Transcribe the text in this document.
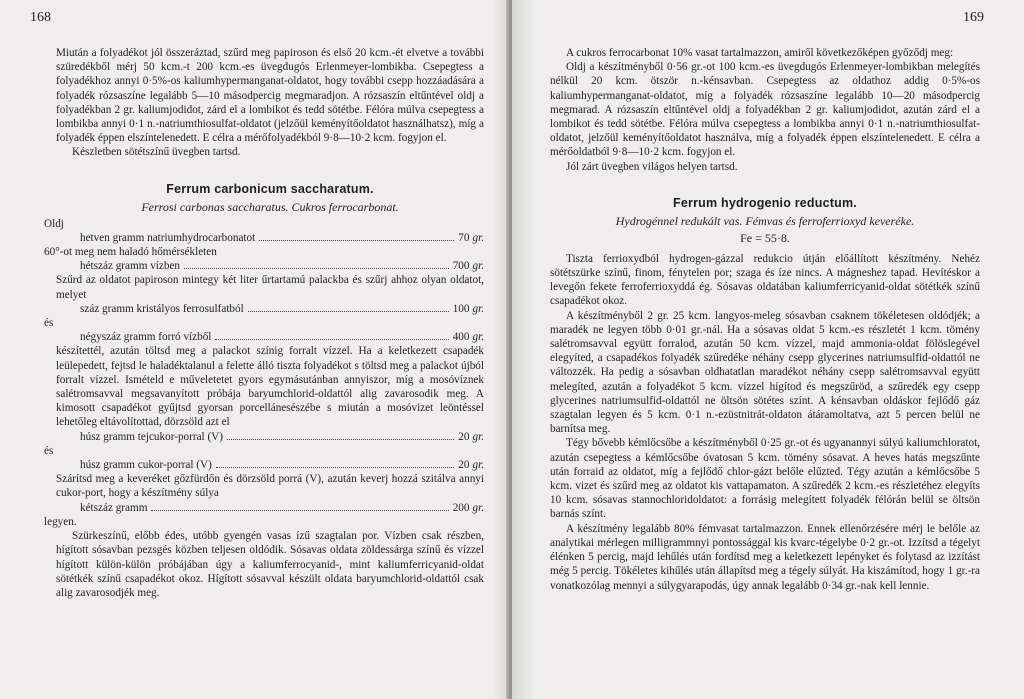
168

Miután a folyadékot jól összeráztad, szűrd meg papiroson és első 20 kcm.-ét elvetve a további szüredékből mérj 50 kcm.-t 200 kcm.-es üvegdugós Erlenmeyer-lombikba. Csepegtess a folyadékhoz annyi 0·5%-os kaliumhypermanganat-oldatot, hogy további csepp hozzáadására a folyadék rózsaszíne legalább 5—10 másodpercig megmaradjon. A rózsaszín eltűntével oldj a folyadékban 2 gr. kaliumjodidot, zárd el a lombikot és tedd sötétbe. Félóra múlva csepegtess a lombikba annyi 0·1 n.-natriumthiosulfat-oldatot (jelzőül keményítőoldatot használhatsz), míg a folyadék éppen elszíntelenedett. E célra a mérőfolyadékból 9·8—10·2 kcm. fogyjon el.

Készletben sötétszínű üvegben tartsd.

Ferrum carbonicum saccharatum.
Ferrosi carbonas saccharatus. Cukros ferrocarbonat.
Oldj
hetven gramm natriumhydrocarbonatot	70 gr.
60°-ot meg nem haladó hőmérsékleten
hétszáz gramm vízben	700 gr.

Szűrd az oldatot papiroson mintegy két liter űrtartamú palackba és szűrj ahhoz olyan oldatot, melyet

száz gramm kristályos ferrosulfatból	100 gr.
és
négyszáz gramm forró vízből	400 gr.

készítettél, azután töltsd meg a palackot színig forralt vízzel. Ha a keletkezett csapadék leülepedett, fejtsd le haladéktalanul a felette álló tiszta folyadékot s töltsd meg a palackot újból forralt vízzel. Ismételd e műveletetet gyors egymásutánban annyiszor, míg a mosóvíznek salétromsavval megsavanyított próbája baryumchlorid-oldattól alig zavarosodik meg. A kimosott csapadékot gyűjtsd gyorsan porcellánesészébe s miután a mosóvizet leöntéssel lehetőleg eltávolítottad, dörzsöld azt el

húsz gramm tejcukor-porral (V)	20 gr.
és
húsz gramm cukor-porral (V)	20 gr.

Szárítsd meg a keveréket gőzfürdőn és dörzsöld porrá (V), azután keverj hozzá szitálva annyi cukor-port, hogy a készítmény súlya

kétszáz gramm	200 gr.
legyen.

Szürkeszínű, előbb édes, utóbb gyengén vasas ízű szagtalan por. Vízben csak részben, hígított sósavban pezsgés közben teljesen oldódik. Sósavas oldata zöldessárga színű és vízzel hígított külön-külön próbájában úgy a kaliumferrocyanid-, mint kaliumferricyanid-oldat sötétkék színű csapadékot okoz. Hígított sósavval készült oldata baryumchlorid-oldattól csak alig zavarosodjék meg.

169

A cukros ferrocarbonat 10% vasat tartalmazzon, amiről következőképen győződj meg:

Oldj a készítményből 0·56 gr.-ot 100 kcm.-es üvegdugós Erlenmeyer-lombikban melegítés nélkül 20 kcm. ötször n.-kénsavban. Csepegtess az oldathoz addig 0·5%-os kaliumhypermanganat-oldatot, míg a folyadék rózsaszíne legalább 10—20 másodpercig megmarad. A rózsaszín eltűntével oldj a folyadékban 2 gr. kaliumjodidot, azután zárd el a lombikot és tedd sötétbe. Félóra múlva csepegtess a lombikba annyi 0·1 n.-natriumthiosulfat-oldatot, jelzőül keményítőoldatot használva, míg a folyadék éppen elszíntelenedett. E célra a mérőoldatból 9·8—10·2 kcm. fogyjon el.

Jól zárt üvegben világos helyen tartsd.

Ferrum hydrogenio reductum.
Hydrogénnel redukált vas. Fémvas és ferroferrioxyd keveréke.
Fe = 55·8.

Tiszta ferrioxydból hydrogen-gázzal redukcio útján előállított készítmény. Nehéz sötétszürke színű, finom, fénytelen por; szaga és íze nincs. A mágneshez tapad. Hevítéskor a levegőn fekete ferroferrioxyddá ég. Sósavas oldatában kaliumferricyanid-oldat sötétkék színű csapadékot okoz.

A készítményből 2 gr. 25 kcm. langyos-meleg sósavban csaknem tökéletesen oldódjék; a maradék ne legyen több 0·01 gr.-nál. Ha a sósavas oldat 5 kcm.-es részletét 1 kcm. tömény salétromsavval együtt forralod, azután 50 kcm. vízzel, majd ammonia-oldat fölöslegével elegyíted, a csapadékos folyadék szűredéke néhány csepp glycerines natriumsulfid-oldattól ne változzék. Ha pedig a sósavban oldhatatlan maradékot néhány csepp salétromsavval együtt melegíted, azután a folyadékot 5 kcm. vízzel hígítod és megszűröd, a szűredék egy csepp glycerines natriumsulfid-oldattól ne öltsön sötétes színt. A kénsavban oldáskor fejlődő gáz szagtalan legyen és 5 kcm. 0·1 n.-ezüstnitrát-oldaton átáramoltatva, azt 5 percen belül ne barnítsa meg.

Tégy bővebb kémlőcsőbe a készítményből 0·25 gr.-ot és ugyanannyi súlyú kaliumchloratot, azután csepegtess a kémlőcsőbe óvatosan 5 kcm. tömény sósavat. A heves hatás megszűnte után forraid az oldatot, míg a fejlődő chlor-gázt belőle elűzted. Tégy azután a kémlőcsőbe 5 kcm. vizet és szűrd meg az oldatot kis vattapamaton. A szűredék 2 kcm.-es részletéhez elegyíts 10 kcm. sósavas stannochloridoldatot: a forrásig melegített folyadék félórán belül se öltsön barnás színt.

A készítmény legalább 80% fémvasat tartalmazzon. Ennek ellenőrzésére mérj le belőle az analytikai mérlegen milligrammnyi pontossággal kis kvarc-tégelybe 0·2 gr.-ot. Izzítsd a tégelyt élénken 5 percig, majd lehűlés után fordítsd meg a keletkezett lepényket és folytasd az izzítást még 5 percig. Tökéletes kihűlés után állapítsd meg a tégely súlyát. Ha kiszámítod, hogy 1 gr.-ra vonatkozólag mennyi a súlygyarapodás, úgy annak legalább 0·34 gr.-nak kell lennie.
